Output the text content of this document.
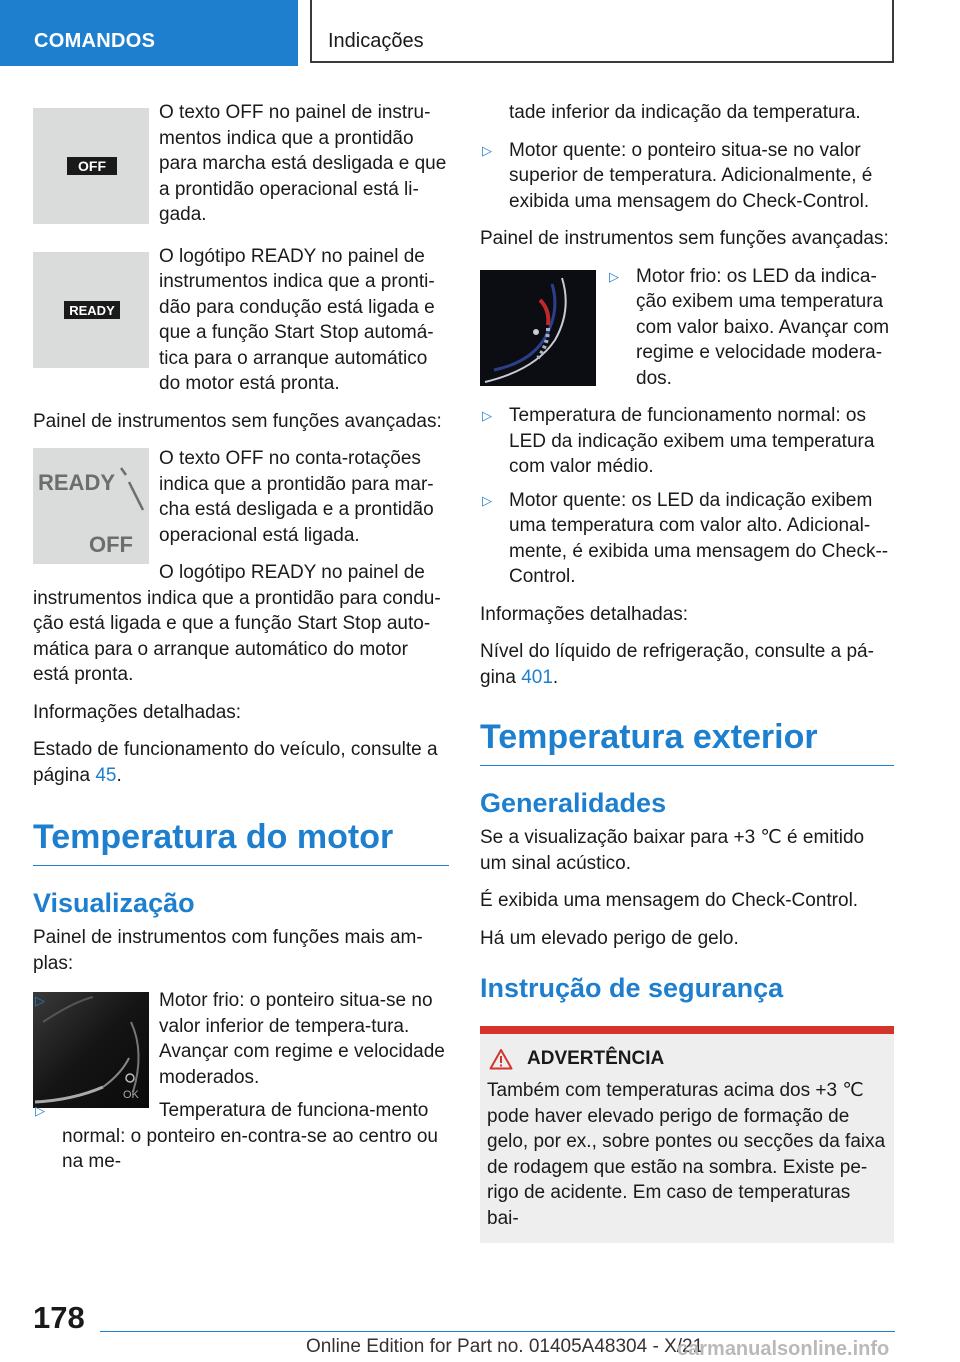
COMANDOS	Indicações
OFF

O texto OFF no painel de instru-mentos indica que a prontidão para marcha está desligada e que a prontidão operacional está li-gada.

READY

O logótipo READY no painel de instrumentos indica que a pronti-dão para condução está ligada e que a função Start Stop automá-tica para o arranque automático do motor está pronta.

Painel de instrumentos sem funções avançadas:

READY
OFF

O texto OFF no conta-rotações indica que a prontidão para mar-cha está desligada e a prontidão operacional está ligada.

O logótipo READY no painel de instrumentos indica que a prontidão para condu-ção está ligada e que a função Start Stop auto-mática para o arranque automático do motor está pronta.

Informações detalhadas:

Estado de funcionamento do veículo, consulte a página 45.

Temperatura do motor
Visualização

Painel de instrumentos com funções mais am-plas:

OK
▷	Motor frio: o ponteiro situa-se no valor inferior de tempera-tura. Avançar com regime e velocidade moderados.
▷	Temperatura de funciona-mento normal: o ponteiro en-contra-se ao centro ou na me-

tade inferior da indicação da temperatura.

▷ Motor quente: o ponteiro situa-se no valor superior de temperatura. Adicionalmente, é exibida uma mensagem do Check-Control.

Painel de instrumentos sem funções avançadas:

▷ Motor frio: os LED da indica-ção exibem uma temperatura com valor baixo. Avançar com regime e velocidade modera-dos.
▷ Temperatura de funcionamento normal: os LED da indicação exibem uma temperatura com valor médio.
▷ Motor quente: os LED da indicação exibem uma temperatura com valor alto. Adicional-mente, é exibida uma mensagem do Check--Control.

Informações detalhadas:

Nível do líquido de refrigeração, consulte a pá-gina 401.

Temperatura exterior
Generalidades

Se a visualização baixar para +3 ℃ é emitido um sinal acústico.

É exibida uma mensagem do Check-Control.

Há um elevado perigo de gelo.

Instrução de segurança
ADVERTÊNCIA

Também com temperaturas acima dos +3 ℃ pode haver elevado perigo de formação de gelo, por ex., sobre pontes ou secções da faixa de rodagem que estão na sombra. Existe pe-rigo de acidente. Em caso de temperaturas bai-

178
Online Edition for Part no. 01405A48304 - X/21
carmanualsonline.info
